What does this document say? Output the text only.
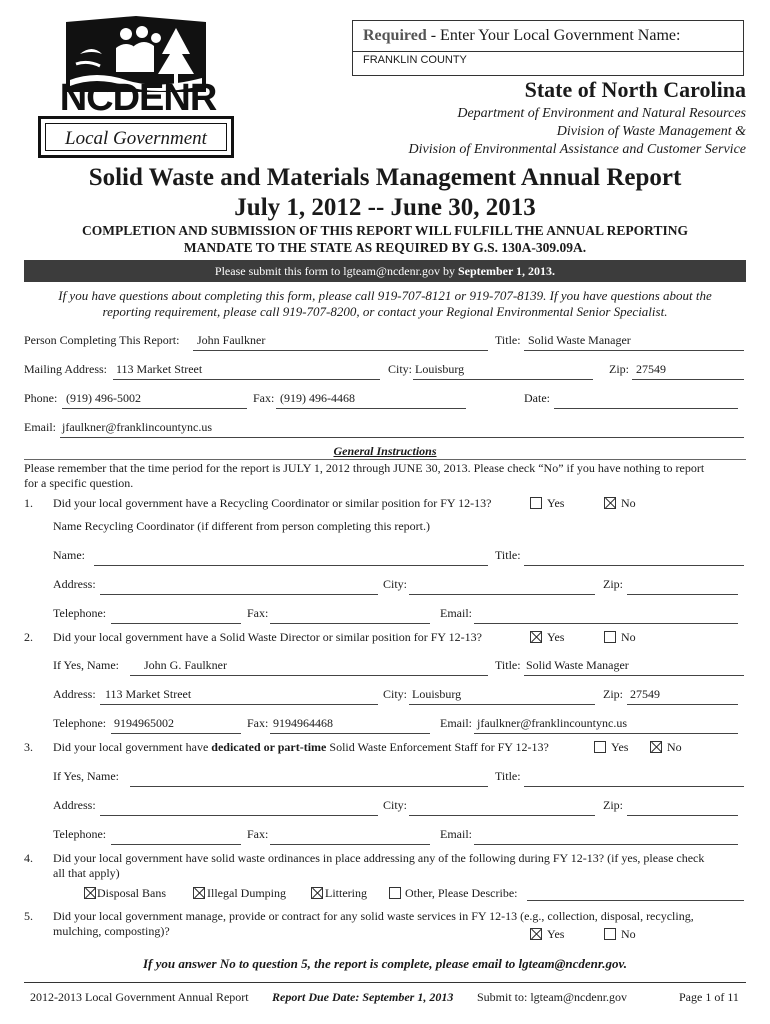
NCDENR
Local Government
Required - Enter Your Local Government Name:
FRANKLIN COUNTY
State of North Carolina
Department of Environment and Natural Resources
Division of Waste Management &
Division of Environmental Assistance and Customer Service
Solid Waste and Materials Management Annual Report
July 1, 2012 -- June 30, 2013
COMPLETION AND SUBMISSION OF THIS REPORT WILL FULFILL THE ANNUAL REPORTING
MANDATE TO THE STATE AS REQUIRED BY G.S. 130A-309.09A.
Please submit this form to lgteam@ncdenr.gov by September 1, 2013.
If you have questions about completing this form, please call 919-707-8121 or 919-707-8139. If you have questions about the
reporting requirement, please call 919-707-8200, or contact your Regional Environmental Senior Specialist.
Person Completing This Report: John Faulkner	Title: Solid Waste Manager
Mailing Address: 113 Market Street	City: Louisburg	Zip: 27549
Phone: (919) 496-5002	Fax: (919) 496-4468	Date:
Email: jfaulkner@franklincountync.us
General Instructions
Please remember that the time period for the report is JULY 1, 2012 through JUNE 30, 2013. Please check “No” if you have nothing to report
for a specific question.
1. Did your local government have a Recycling Coordinator or similar position for FY 12-13?	Yes	No
Name Recycling Coordinator (if different from person completing this report.)
Name:	Title:
Address:	City:	Zip:
Telephone:	Fax:	Email:
2. Did your local government have a Solid Waste Director or similar position for FY 12-13?	Yes	No
If Yes, Name: John G. Faulkner	Title: Solid Waste Manager
Address: 113 Market Street	City: Louisburg	Zip: 27549
Telephone: 9194965002	Fax: 9194964468	Email: jfaulkner@franklincountync.us
3. Did your local government have dedicated or part-time Solid Waste Enforcement Staff for FY 12-13?	Yes	No
If Yes, Name:	Title:
Address:	City:	Zip:
Telephone:	Fax:	Email:
4. Did your local government have solid waste ordinances in place addressing any of the following during FY 12-13? (if yes, please check
all that apply)
Disposal Bans	Illegal Dumping	Littering	Other, Please Describe:
5. Did your local government manage, provide or contract for any solid waste services in FY 12-13 (e.g., collection, disposal, recycling,
mulching, composting)?	Yes	No
If you answer No to question 5, the report is complete, please email to lgteam@ncdenr.gov.
2012-2013 Local Government Annual Report Report Due Date: September 1, 2013 Submit to: lgteam@ncdenr.gov	Page 1 of 11
